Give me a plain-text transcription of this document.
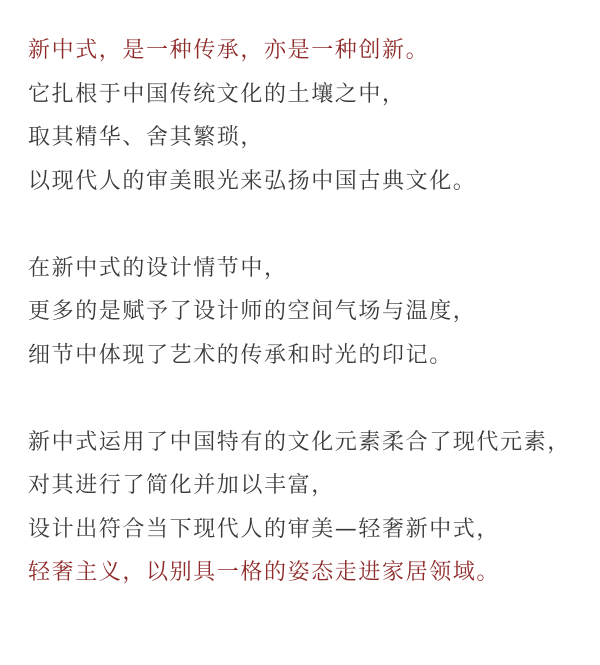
新中式，是一种传承，亦是一种创新。
它扎根于中国传统文化的土壤之中，
取其精华、舍其繁琐，
以现代人的审美眼光来弘扬中国古典文化。
在新中式的设计情节中，
更多的是赋予了设计师的空间气场与温度，
细节中体现了艺术的传承和时光的印记。
新中式运用了中国特有的文化元素柔合了现代元素，
对其进行了简化并加以丰富，
设计出符合当下现代人的审美—轻奢新中式，
轻奢主义，以别具一格的姿态走进家居领域。
